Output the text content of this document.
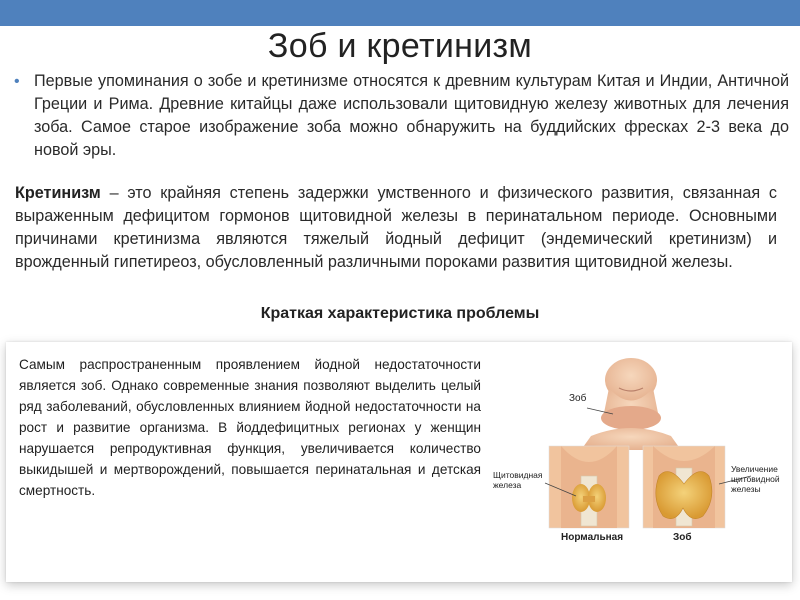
Зоб и кретинизм
• Первые упоминания о зобе и кретинизме относятся к древним культурам Китая и Индии, Античной Греции и Рима. Древние китайцы даже использовали щитовидную железу животных для лечения зоба. Самое старое изображение зоба можно обнаружить на буддийских фресках 2-3 века до новой эры.
Кретинизм – это крайняя степень задержки умственного и физического развития, связанная с выраженным дефицитом гормонов щитовидной железы в перинатальном периоде. Основными причинами кретинизма являются тяжелый йодный дефицит (эндемический кретинизм) и врожденный гипетиреоз, обусловленный различными пороками развития щитовидной железы.
Краткая характеристика проблемы
Самым распространенным проявлением йодной недостаточности является зоб. Однако современные знания позволяют выделить целый ряд заболеваний, обусловленных влиянием йодной недостаточности на рост и развитие организма. В йоддефицитных регионах у женщин нарушается репродуктивная функция, увеличивается количество выкидышей и мертворождений, повышается перинатальная и детская смертность.
Зоб
Щитовидная железа
Увеличение щитовидной железы
Нормальная	Зоб
